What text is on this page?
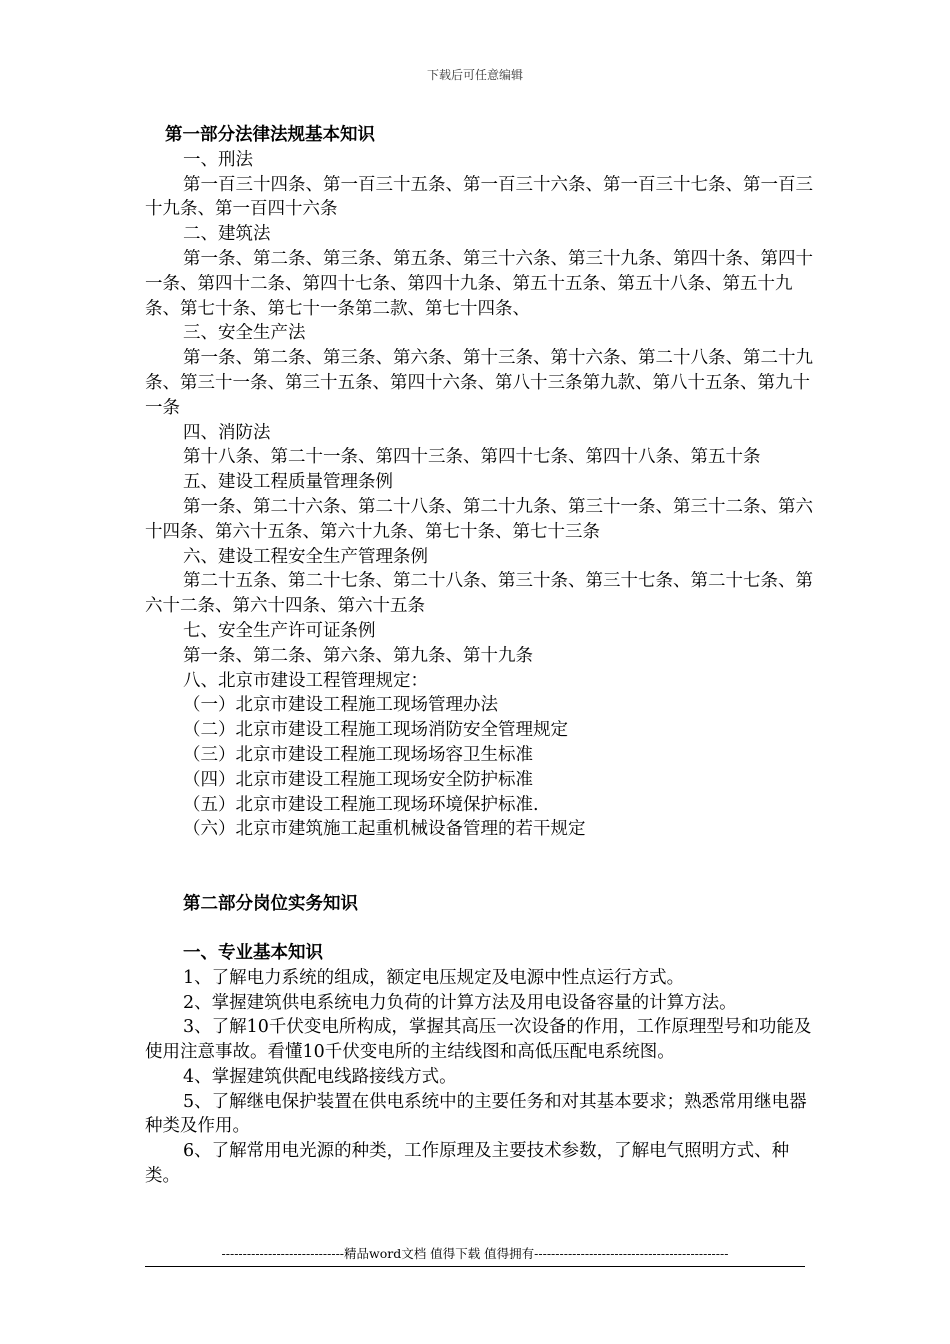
下载后可任意编辑

第一部分法律法规基本知识

一、刑法

第一百三十四条、第一百三十五条、第一百三十六条、第一百三十七条、第一百三十九条、第一百四十六条

二、建筑法

第一条、第二条、第三条、第五条、第三十六条、第三十九条、第四十条、第四十一条、第四十二条、第四十七条、第四十九条、第五十五条、第五十八条、第五十九条、第七十条、第七十一条第二款、第七十四条、

三、安全生产法

第一条、第二条、第三条、第六条、第十三条、第十六条、第二十八条、第二十九条、第三十一条、第三十五条、第四十六条、第八十三条第九款、第八十五条、第九十一条

四、消防法

第十八条、第二十一条、第四十三条、第四十七条、第四十八条、第五十条

五、建设工程质量管理条例

第一条、第二十六条、第二十八条、第二十九条、第三十一条、第三十二条、第六十四条、第六十五条、第六十九条、第七十条、第七十三条

六、建设工程安全生产管理条例

第二十五条、第二十七条、第二十八条、第三十条、第三十七条、第二十七条、第六十二条、第六十四条、第六十五条

七、安全生产许可证条例

第一条、第二条、第六条、第九条、第十九条

八、北京市建设工程管理规定：

（一）北京市建设工程施工现场管理办法

（二）北京市建设工程施工现场消防安全管理规定

（三）北京市建设工程施工现场场容卫生标准

（四）北京市建设工程施工现场安全防护标准

（五）北京市建设工程施工现场环境保护标准.

（六）北京市建筑施工起重机械设备管理的若干规定

第二部分岗位实务知识

一、专业基本知识

1、了解电力系统的组成，额定电压规定及电源中性点运行方式。

2、掌握建筑供电系统电力负荷的计算方法及用电设备容量的计算方法。

3、了解10千伏变电所构成，掌握其高压一次设备的作用，工作原理型号和功能及使用注意事故。看懂10千伏变电所的主结线图和高低压配电系统图。

4、掌握建筑供配电线路接线方式。

5、了解继电保护装置在供电系统中的主要任务和对其基本要求；熟悉常用继电器种类及作用。

6、了解常用电光源的种类，工作原理及主要技术参数，了解电气照明方式、种类。

-----------------------------精品word文档 值得下载 值得拥有----------------------------------------------
